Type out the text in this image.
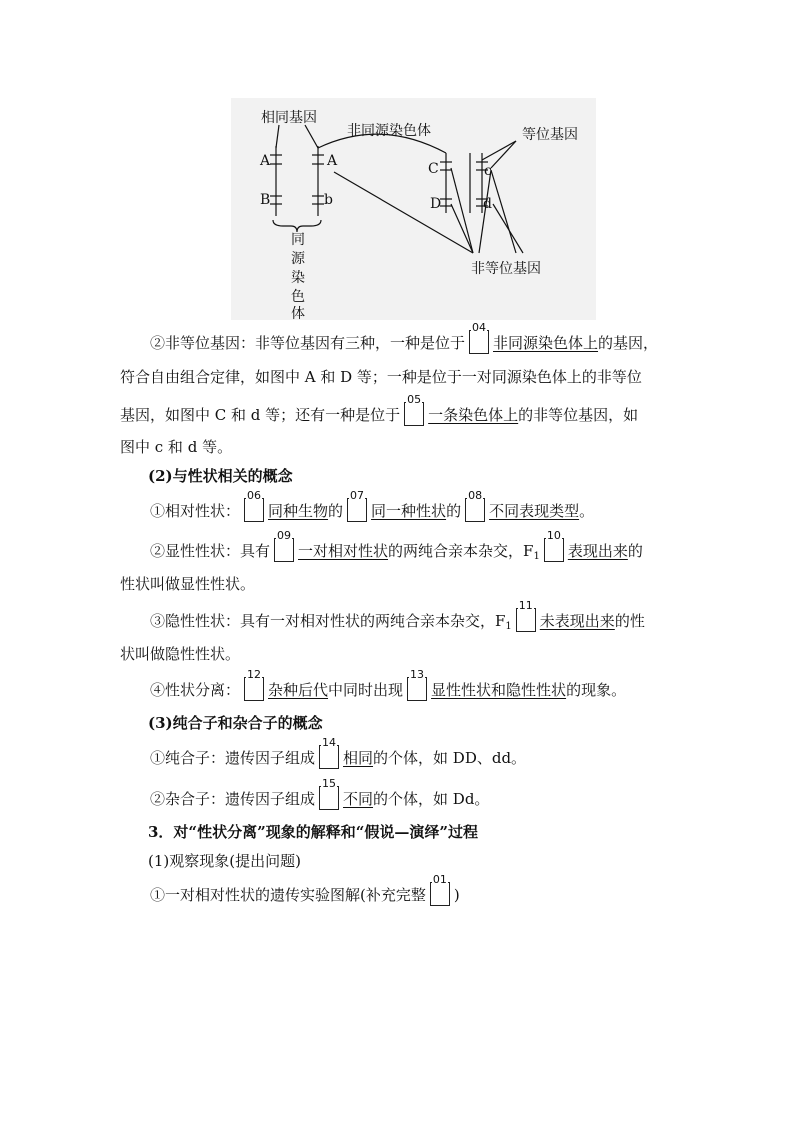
相同基因
非同源染色体	等位基因
非等位基因
A
B
A
b
C
D
c
d
同
源
染
色
体
②非等位基因：非等位基因有三种，一种是位于
04
非同源染色体上的基因，
符合自由组合定律，如图中 A 和 D 等；一种是位于一对同源染色体上的非等位
基因，如图中 C 和 d 等；还有一种是位于
05
一条染色体上的非等位基因，如
图中 c 和 d 等。
(2)与性状相关的概念
①相对性状：
06
同种生物的
07
同一种性状的
08
不同表现类型。
②显性性状：具有
09
一对相对性状的两纯合亲本杂交，$F_1$
10
表现出来的
性状叫做显性性状。
③隐性性状：具有一对相对性状的两纯合亲本杂交，$F_1$
11
未表现出来的性
状叫做隐性性状。
④性状分离：
12
杂种后代中同时出现
13
显性性状和隐性性状的现象。
(3)纯合子和杂合子的概念
①纯合子：遗传因子组成
14
相同的个体，如 DD、dd。
②杂合子：遗传因子组成
15
不同的个体，如 Dd。
3．对“性状分离”现象的解释和“假说—演绎”过程
(1)观察现象(提出问题)
①一对相对性状的遗传实验图解(补充完整
01
)
